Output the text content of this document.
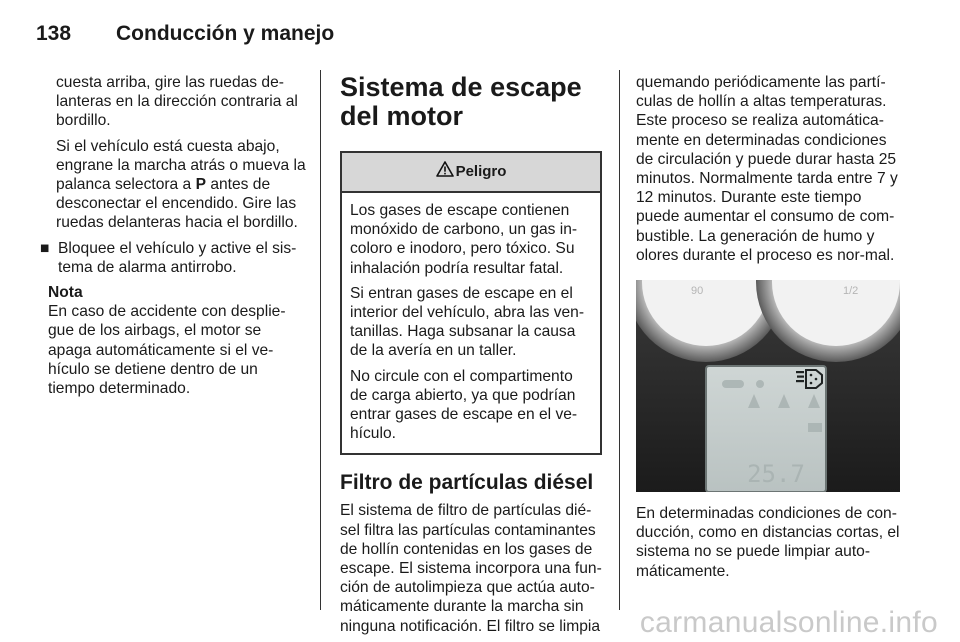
138	Conducción y manejo

cuesta arriba, gire las ruedas de-lanteras en la dirección contraria al bordillo.

Si el vehículo está cuesta abajo, engrane la marcha atrás o mueva la palanca selectora a P antes de desconectar el encendido. Gire las ruedas delanteras hacia el bordillo.

■ Bloquee el vehículo y active el sis-tema de alarma antirrobo.

Nota
En caso de accidente con desplie-gue de los airbags, el motor se apaga automáticamente si el ve-hículo se detiene dentro de un tiempo determinado.
Sistema de escape del motor
Peligro

Los gases de escape contienen monóxido de carbono, un gas in-coloro e inodoro, pero tóxico. Su inhalación podría resultar fatal.

Si entran gases de escape en el interior del vehículo, abra las ven-tanillas. Haga subsanar la causa de la avería en un taller.

No circule con el compartimento de carga abierto, ya que podrían entrar gases de escape en el ve-hículo.

Filtro de partículas diésel
El sistema de filtro de partículas dié-sel filtra las partículas contaminantes de hollín contenidas en los gases de escape. El sistema incorpora una fun-ción de autolimpieza que actúa auto-máticamente durante la marcha sin ninguna notificación. El filtro se limpia

quemando periódicamente las partí-culas de hollín a altas temperaturas. Este proceso se realiza automática-mente en determinadas condiciones de circulación y puede durar hasta 25 minutos. Normalmente tarda entre 7 y 12 minutos. Durante este tiempo puede aumentar el consumo de com-bustible. La generación de humo y olores durante el proceso es nor-mal.

90	1/2
25.7

En determinadas condiciones de con-ducción, como en distancias cortas, el sistema no se puede limpiar auto-máticamente.

carmanualsonline.info
